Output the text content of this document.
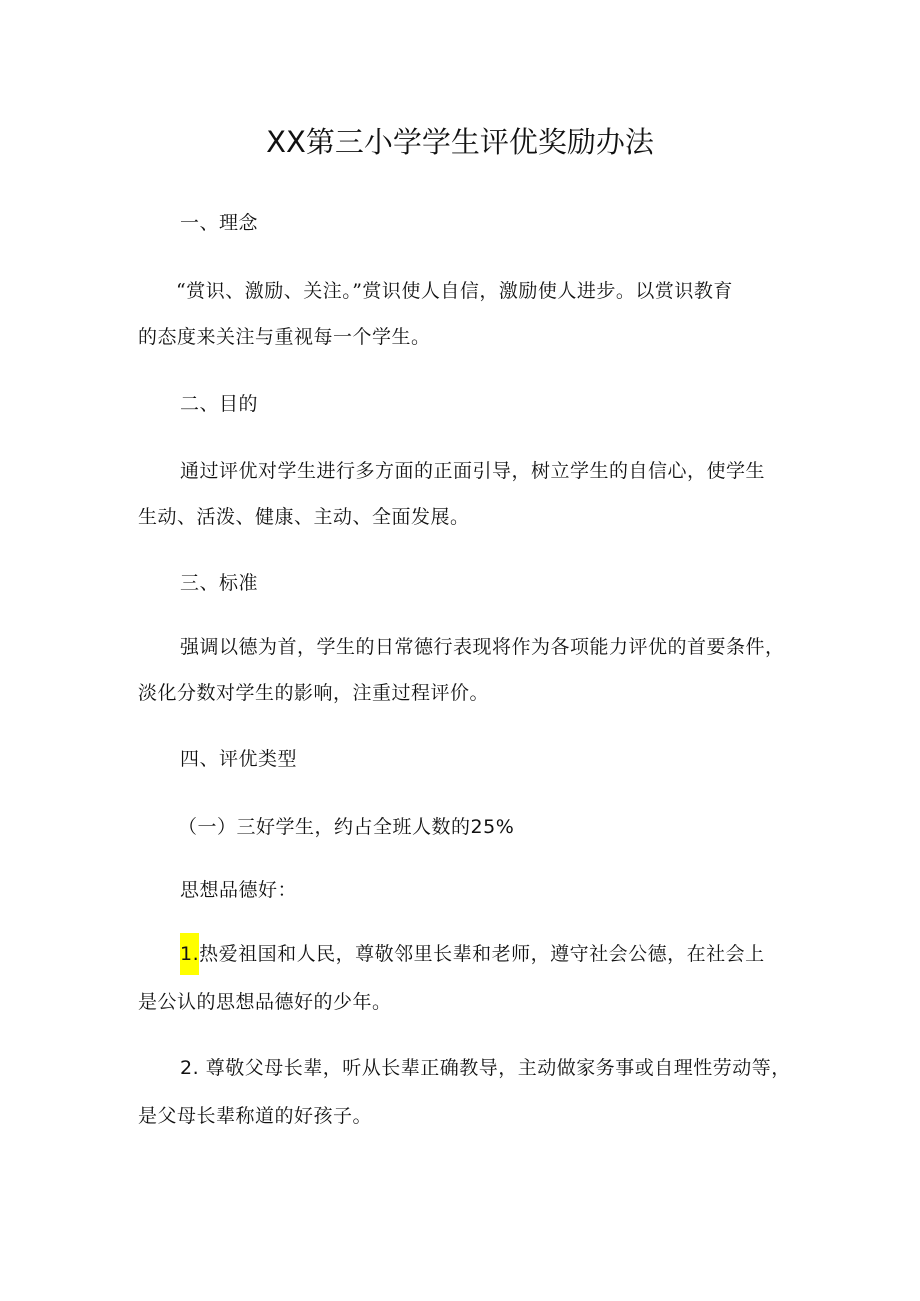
XX第三小学学生评优奖励办法
一、理念
“赏识、激励、关注。”赏识使人自信，激励使人进步。以赏识教育
的态度来关注与重视每一个学生。
二、目的
通过评优对学生进行多方面的正面引导，树立学生的自信心，使学生
生动、活泼、健康、主动、全面发展。
三、标准
强调以德为首，学生的日常德行表现将作为各项能力评优的首要条件，
淡化分数对学生的影响，注重过程评价。
四、评优类型
（一）三好学生，约占全班人数的25%
思想品德好：
1.热爱祖国和人民，尊敬邻里长辈和老师，遵守社会公德，在社会上
是公认的思想品德好的少年。
2. 尊敬父母长辈，听从长辈正确教导，主动做家务事或自理性劳动等，
是父母长辈称道的好孩子。
